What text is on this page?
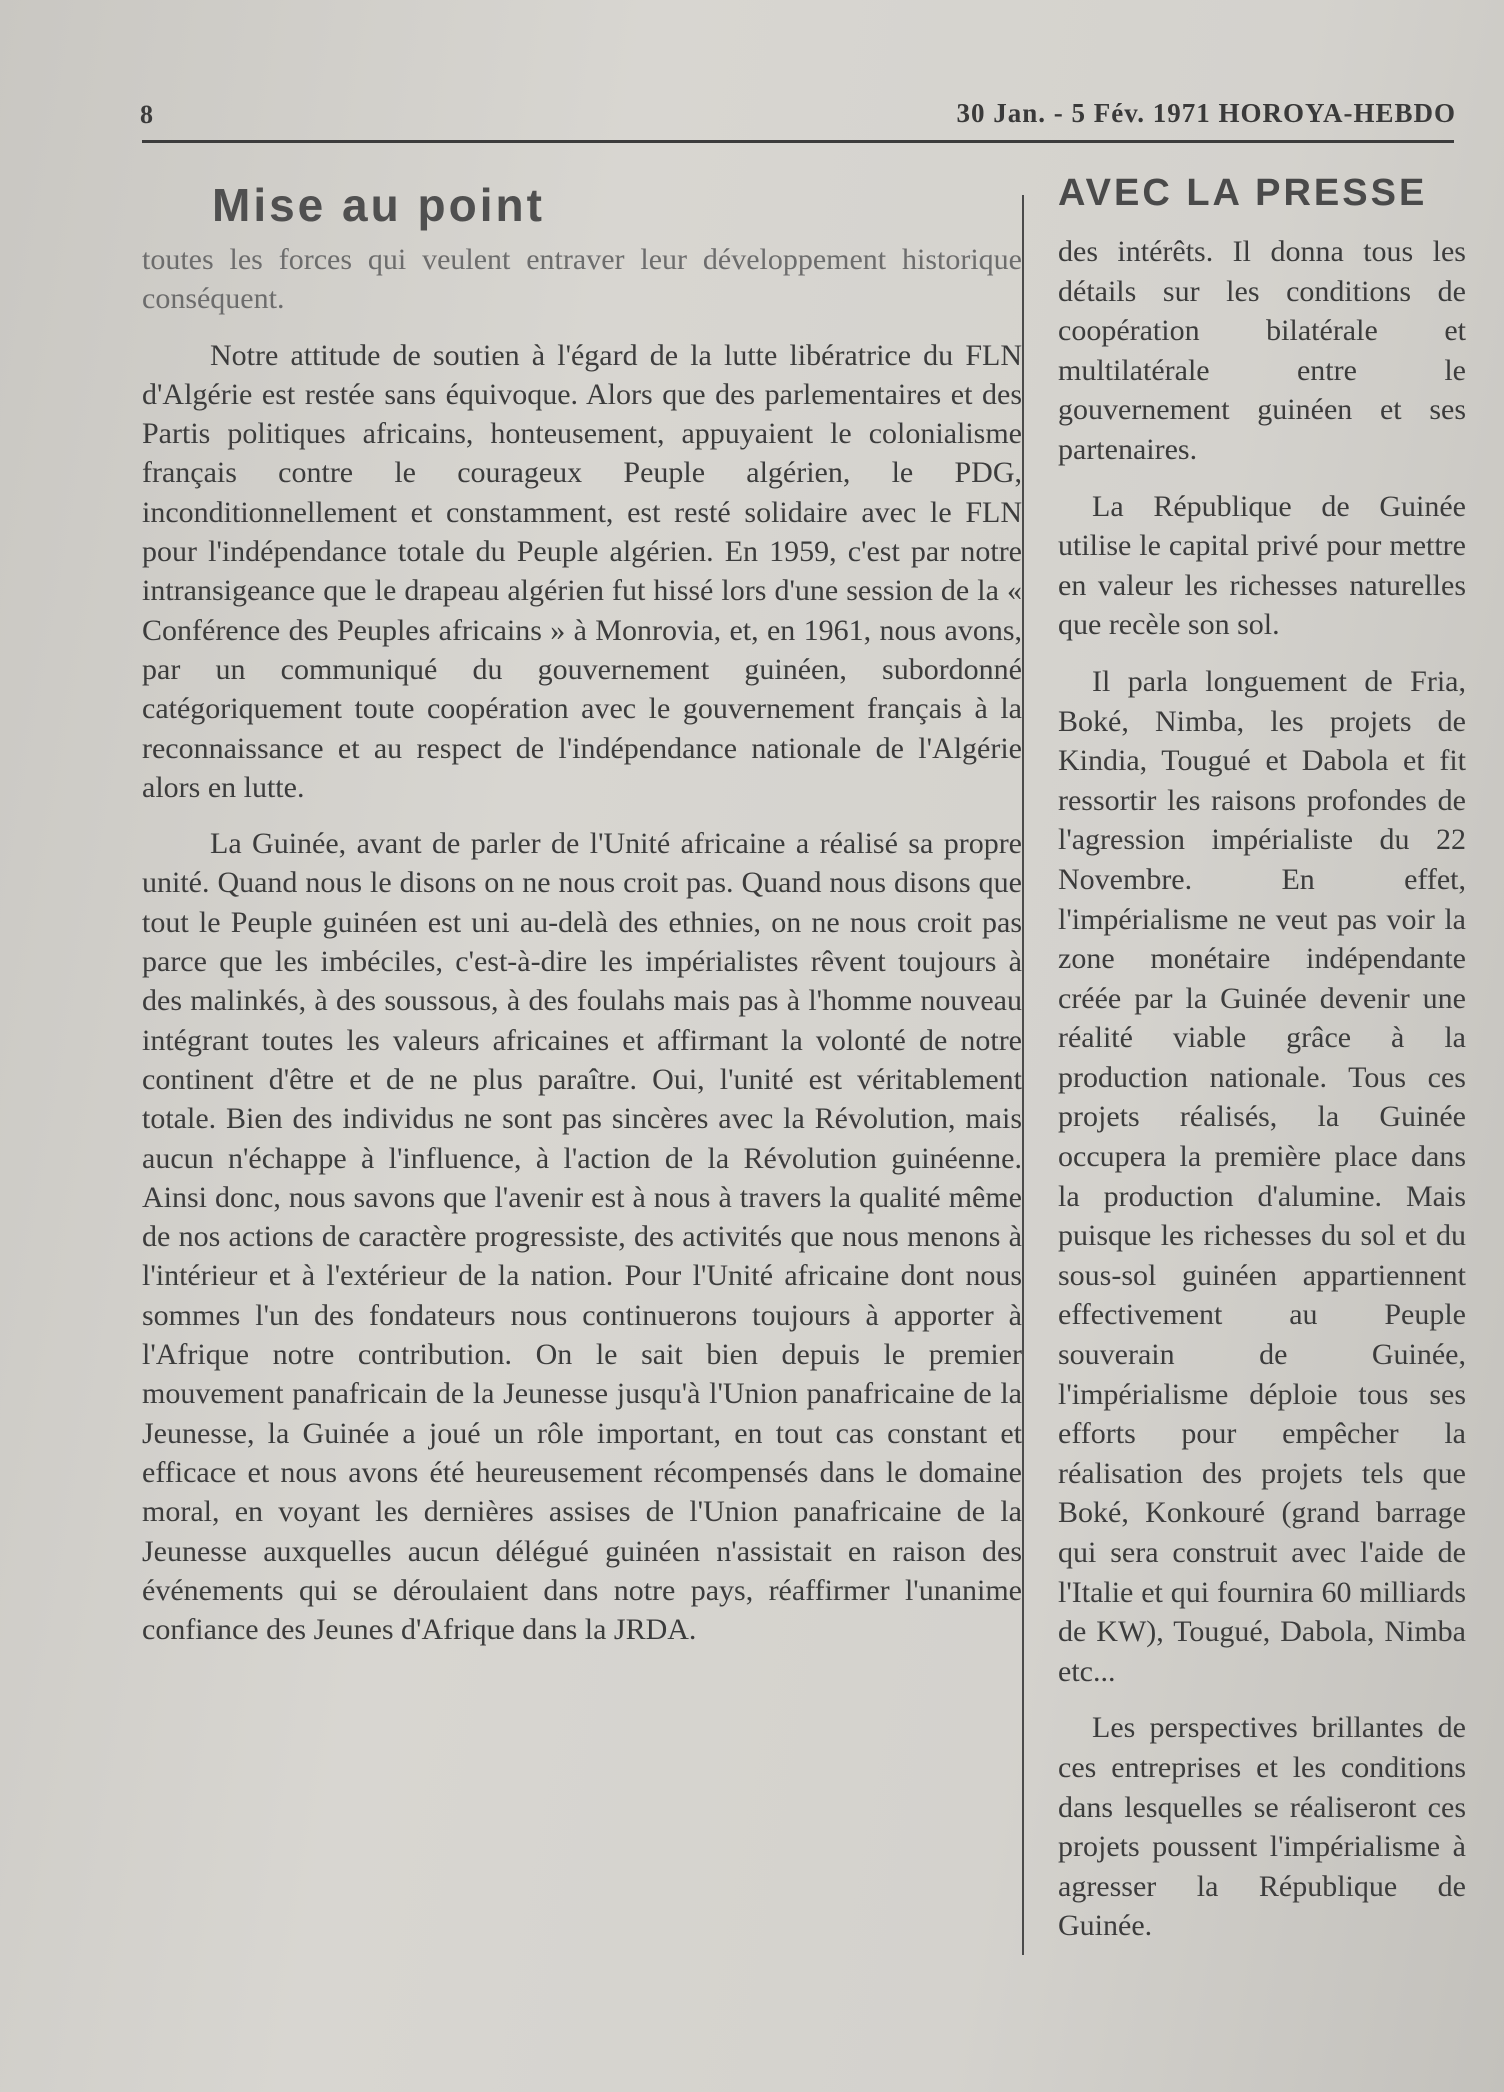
8	30 Jan. - 5 Fév. 1971 HOROYA-HEBDO
Mise au point

toutes les forces qui veulent entraver leur développement historique conséquent.

Notre attitude de soutien à l'égard de la lutte libératrice du FLN d'Algérie est restée sans équivoque. Alors que des parlementaires et des Partis politiques africains, honteusement, appuyaient le colonialisme français contre le courageux Peuple algérien, le PDG, inconditionnellement et constamment, est resté solidaire avec le FLN pour l'indépendance totale du Peuple algérien. En 1959, c'est par notre intransigeance que le drapeau algérien fut hissé lors d'une session de la « Conférence des Peuples africains » à Monrovia, et, en 1961, nous avons, par un communiqué du gouvernement guinéen, subordonné catégoriquement toute coopération avec le gouvernement français à la reconnaissance et au respect de l'indépendance nationale de l'Algérie alors en lutte.

La Guinée, avant de parler de l'Unité africaine a réalisé sa propre unité. Quand nous le disons on ne nous croit pas. Quand nous disons que tout le Peuple guinéen est uni au-delà des ethnies, on ne nous croit pas parce que les imbéciles, c'est-à-dire les impérialistes rêvent toujours à des malinkés, à des soussous, à des foulahs mais pas à l'homme nouveau intégrant toutes les valeurs africaines et affirmant la volonté de notre continent d'être et de ne plus paraître. Oui, l'unité est véritablement totale. Bien des individus ne sont pas sincères avec la Révolution, mais aucun n'échappe à l'influence, à l'action de la Révolution guinéenne. Ainsi donc, nous savons que l'avenir est à nous à travers la qualité même de nos actions de caractère progressiste, des activités que nous menons à l'intérieur et à l'extérieur de la nation. Pour l'Unité africaine dont nous sommes l'un des fondateurs nous continuerons toujours à apporter à l'Afrique notre contribution. On le sait bien depuis le premier mouvement panafricain de la Jeunesse jusqu'à l'Union panafricaine de la Jeunesse, la Guinée a joué un rôle important, en tout cas constant et efficace et nous avons été heureusement récompensés dans le domaine moral, en voyant les dernières assises de l'Union panafricaine de la Jeunesse auxquelles aucun délégué guinéen n'assistait en raison des événements qui se déroulaient dans notre pays, réaffirmer l'unanime confiance des Jeunes d'Afrique dans la JRDA.

AVEC LA PRESSE

des intérêts. Il donna tous les détails sur les conditions de coopération bilatérale et multilatérale entre le gouvernement guinéen et ses partenaires.

La République de Guinée utilise le capital privé pour mettre en valeur les richesses naturelles que recèle son sol.

Il parla longuement de Fria, Boké, Nimba, les projets de Kindia, Tougué et Dabola et fit ressortir les raisons profondes de l'agression impérialiste du 22 Novembre. En effet, l'impérialisme ne veut pas voir la zone monétaire indépendante créée par la Guinée devenir une réalité viable grâce à la production nationale. Tous ces projets réalisés, la Guinée occupera la première place dans la production d'alumine. Mais puisque les richesses du sol et du sous-sol guinéen appartiennent effectivement au Peuple souverain de Guinée, l'impérialisme déploie tous ses efforts pour empêcher la réalisation des projets tels que Boké, Konkouré (grand barrage qui sera construit avec l'aide de l'Italie et qui fournira 60 milliards de KW), Tougué, Dabola, Nimba etc...

Les perspectives brillantes de ces entreprises et les conditions dans lesquelles se réaliseront ces projets poussent l'impérialisme à agresser la République de Guinée.
